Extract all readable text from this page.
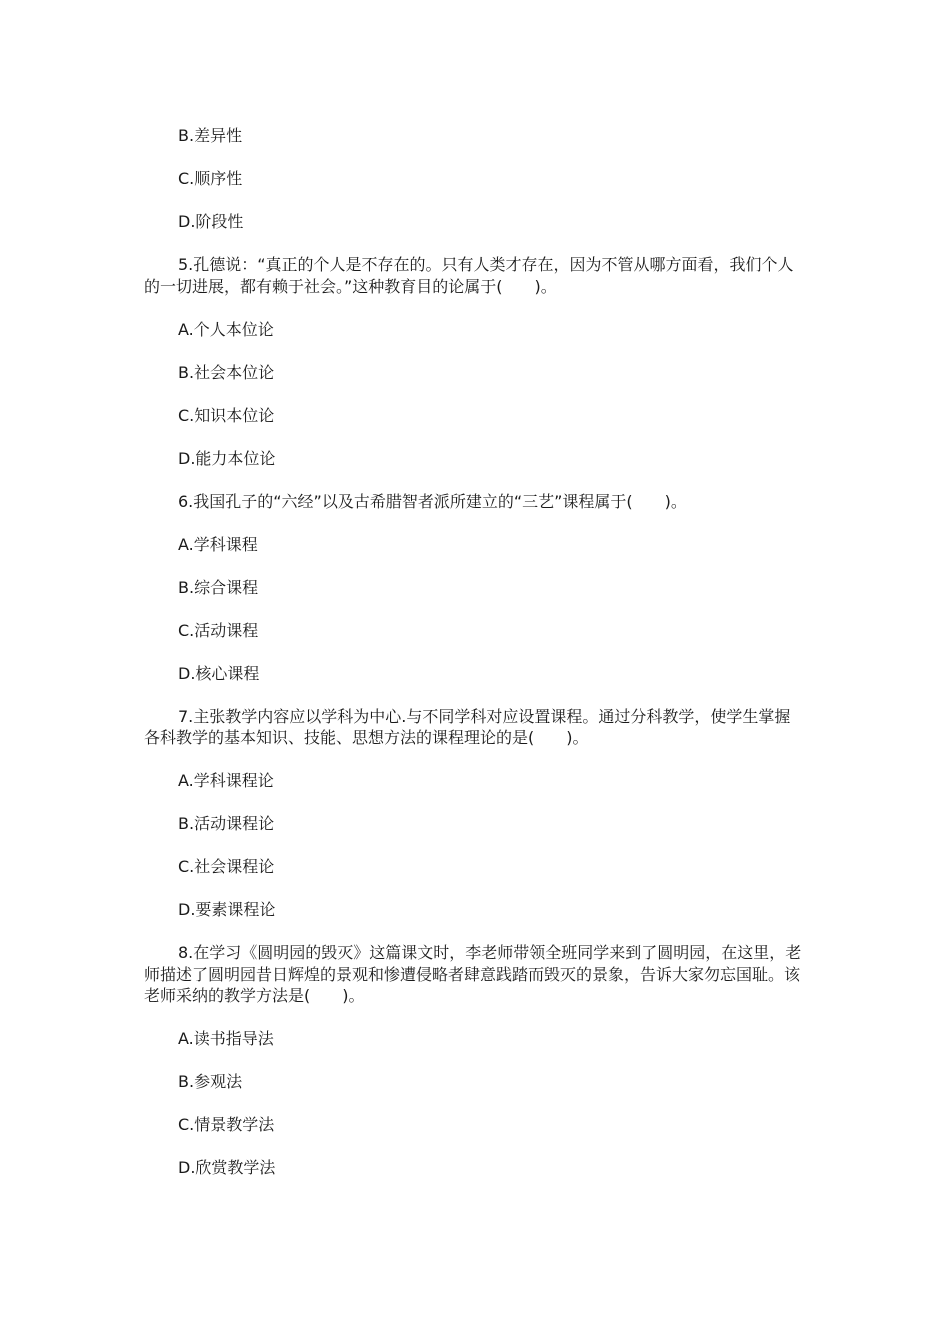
B.差异性

C.顺序性

D.阶段性

5.孔德说：“真正的个人是不存在的。只有人类才存在，因为不管从哪方面看，我们个人的一切进展，都有赖于社会。”这种教育目的论属于(　　)。

A.个人本位论

B.社会本位论

C.知识本位论

D.能力本位论

6.我国孔子的“六经”以及古希腊智者派所建立的“三艺”课程属于(　　)。

A.学科课程

B.综合课程

C.活动课程

D.核心课程

7.主张教学内容应以学科为中心.与不同学科对应设置课程。通过分科教学，使学生掌握各科教学的基本知识、技能、思想方法的课程理论的是(　　)。

A.学科课程论

B.活动课程论

C.社会课程论

D.要素课程论

8.在学习《圆明园的毁灭》这篇课文时，李老师带领全班同学来到了圆明园，在这里，老师描述了圆明园昔日辉煌的景观和惨遭侵略者肆意践踏而毁灭的景象，告诉大家勿忘国耻。该老师采纳的教学方法是(　　)。

A.读书指导法

B.参观法

C.情景教学法

D.欣赏教学法
